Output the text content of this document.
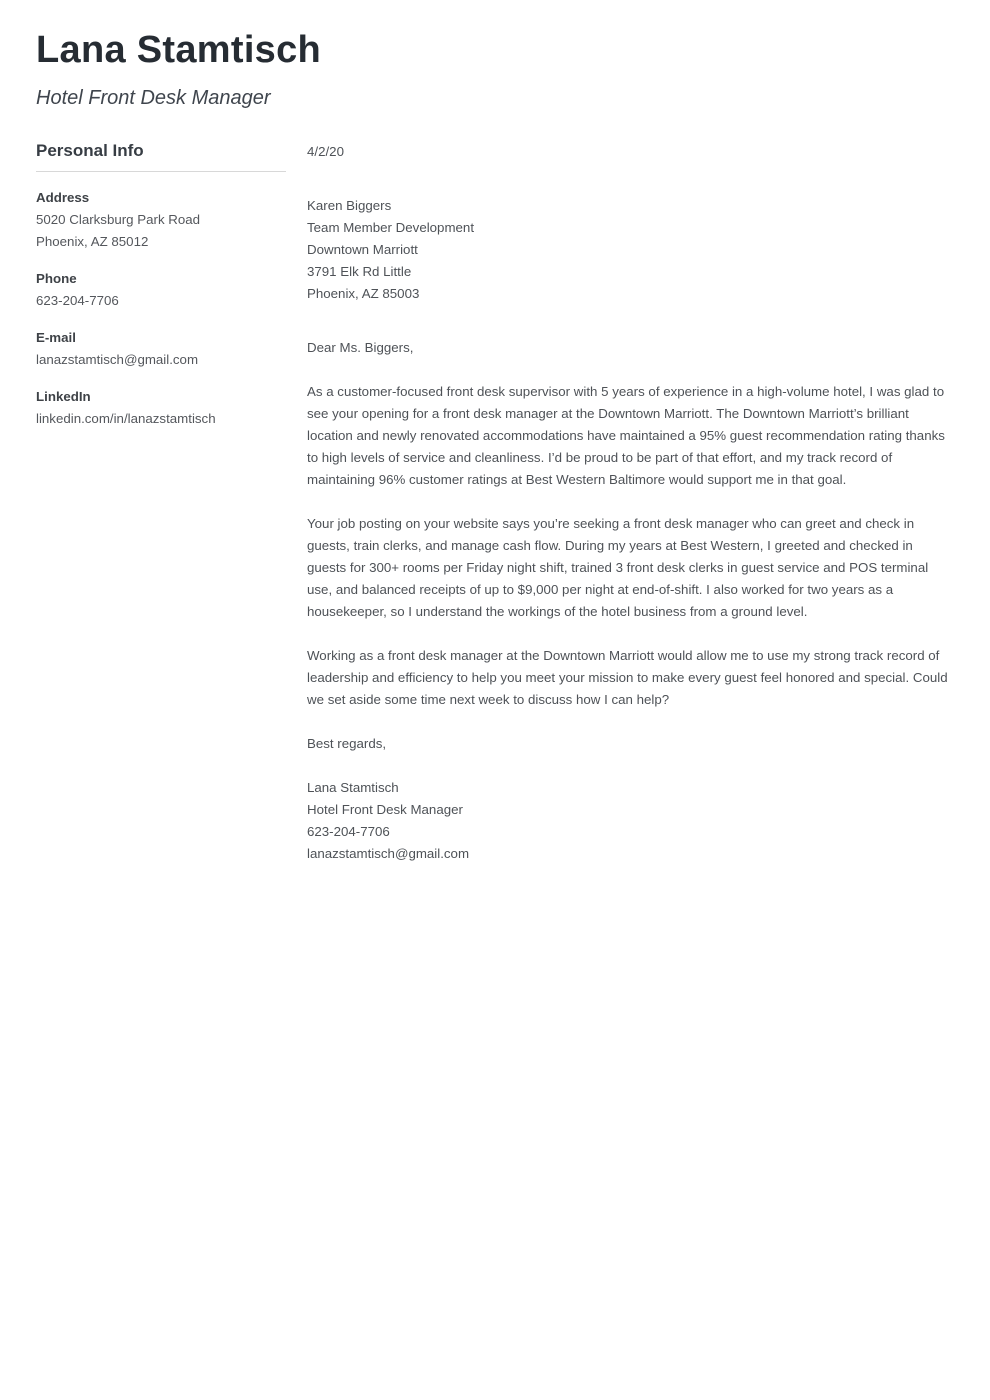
Lana Stamtisch
Hotel Front Desk Manager
Personal Info
Address
5020 Clarksburg Park Road
Phoenix, AZ 85012
Phone
623-204-7706
E-mail
lanazstamtisch@gmail.com
LinkedIn
linkedin.com/in/lanazstamtisch
4/2/20
Karen Biggers
Team Member Development
Downtown Marriott
3791 Elk Rd Little
Phoenix, AZ 85003
Dear Ms. Biggers,

As a customer-focused front desk supervisor with 5 years of experience in a high-volume hotel, I was glad to see your opening for a front desk manager at the Downtown Marriott. The Downtown Marriott’s brilliant location and newly renovated accommodations have maintained a 95% guest recommendation rating thanks to high levels of service and cleanliness. I’d be proud to be part of that effort, and my track record of maintaining 96% customer ratings at Best Western Baltimore would support me in that goal.

Your job posting on your website says you’re seeking a front desk manager who can greet and check in guests, train clerks, and manage cash flow. During my years at Best Western, I greeted and checked in guests for 300+ rooms per Friday night shift, trained 3 front desk clerks in guest service and POS terminal use, and balanced receipts of up to $9,000 per night at end-of-shift. I also worked for two years as a housekeeper, so I understand the workings of the hotel business from a ground level.

Working as a front desk manager at the Downtown Marriott would allow me to use my strong track record of leadership and efficiency to help you meet your mission to make every guest feel honored and special. Could we set aside some time next week to discuss how I can help?

Best regards,
Lana Stamtisch
Hotel Front Desk Manager
623-204-7706
lanazstamtisch@gmail.com
